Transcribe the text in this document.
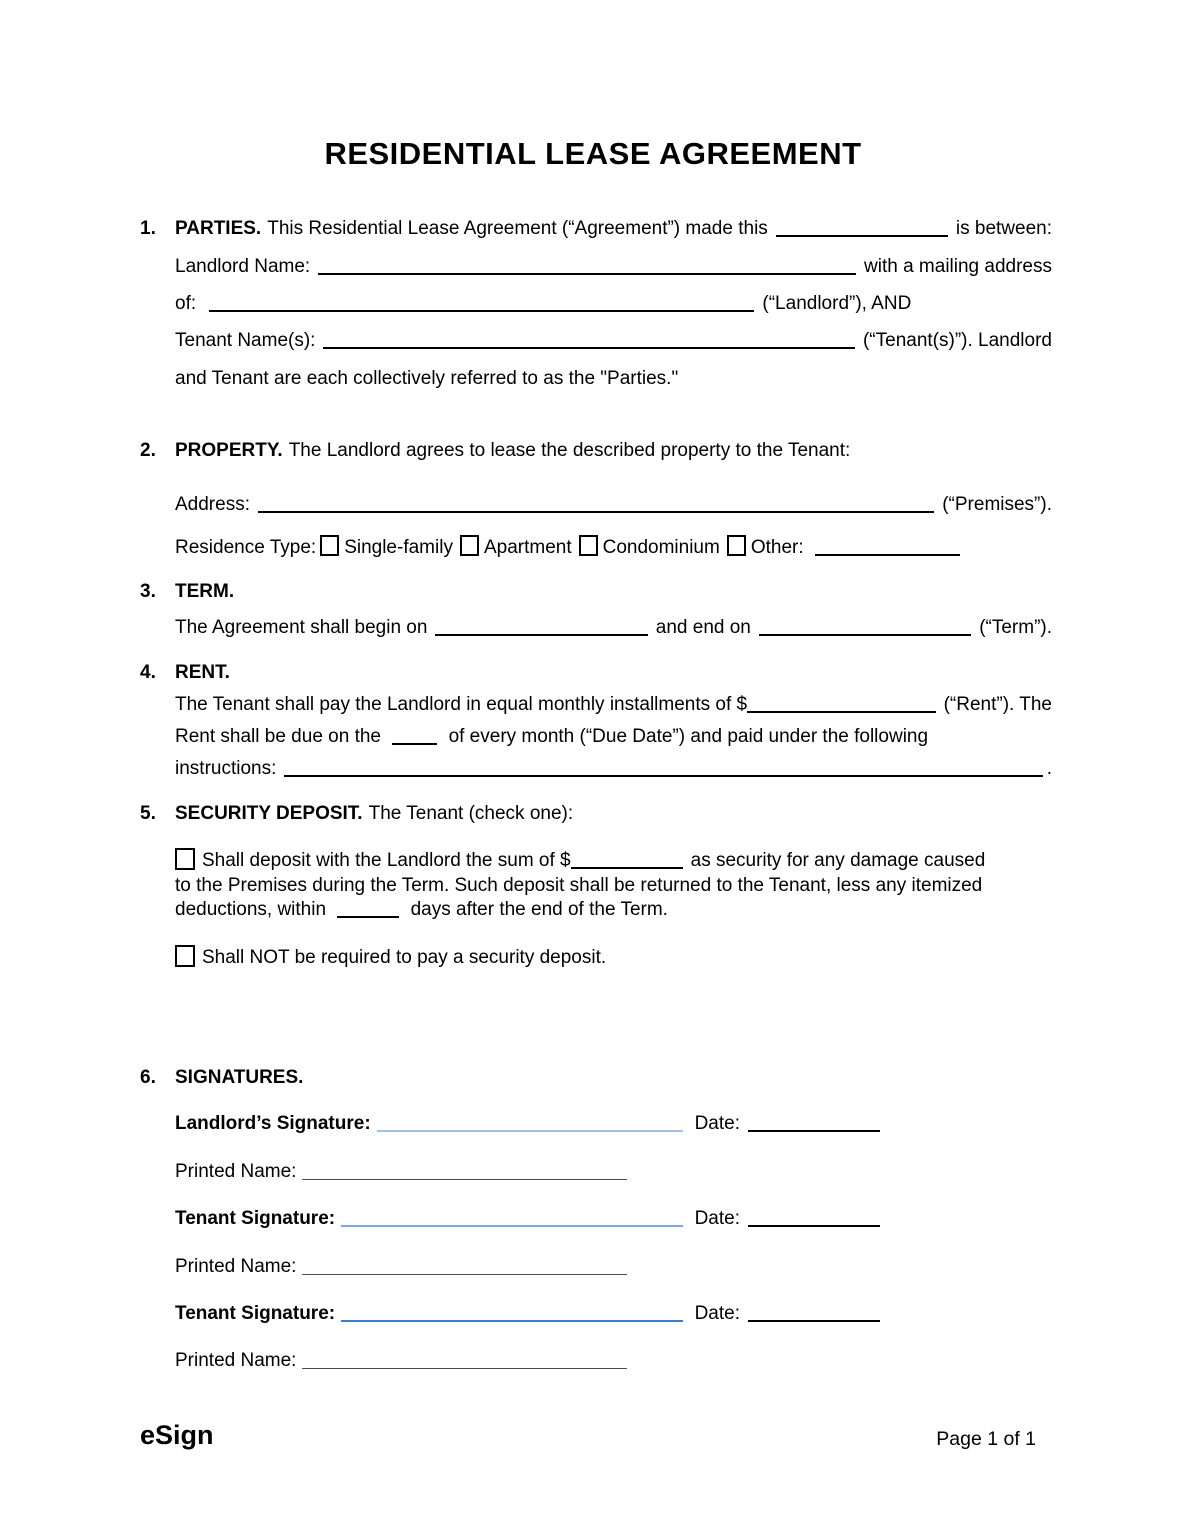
RESIDENTIAL LEASE AGREEMENT
1.	PARTIES. This Residential Lease Agreement (“Agreement”) made this	is between:
Landlord Name:	with a mailing address
of:	(“Landlord”), AND
Tenant Name(s):	(“Tenant(s)”). Landlord
and Tenant are each collectively referred to as the "Parties."
2.	PROPERTY. The Landlord agrees to lease the described property to the Tenant:
Address:	(“Premises”).
Residence Type: Single-family Apartment Condominium Other:
3.	TERM.
The Agreement shall begin on	and end on	(“Term”).
4.	RENT.
The Tenant shall pay the Landlord in equal monthly installments of $	(“Rent”). The
Rent shall be due on the	of every month (“Due Date”) and paid under the following
instructions:	.
5.	SECURITY DEPOSIT. The Tenant (check one):
Shall deposit with the Landlord the sum of $	as security for any damage caused
to the Premises during the Term. Such deposit shall be returned to the Tenant, less any itemized
deductions, within	days after the end of the Term.
Shall NOT be required to pay a security deposit.
6.	SIGNATURES.
Landlord’s Signature:	Date:
Printed Name:
Tenant Signature:	Date:
Printed Name:
Tenant Signature:	Date:
Printed Name:
eSign	Page 1 of 1
